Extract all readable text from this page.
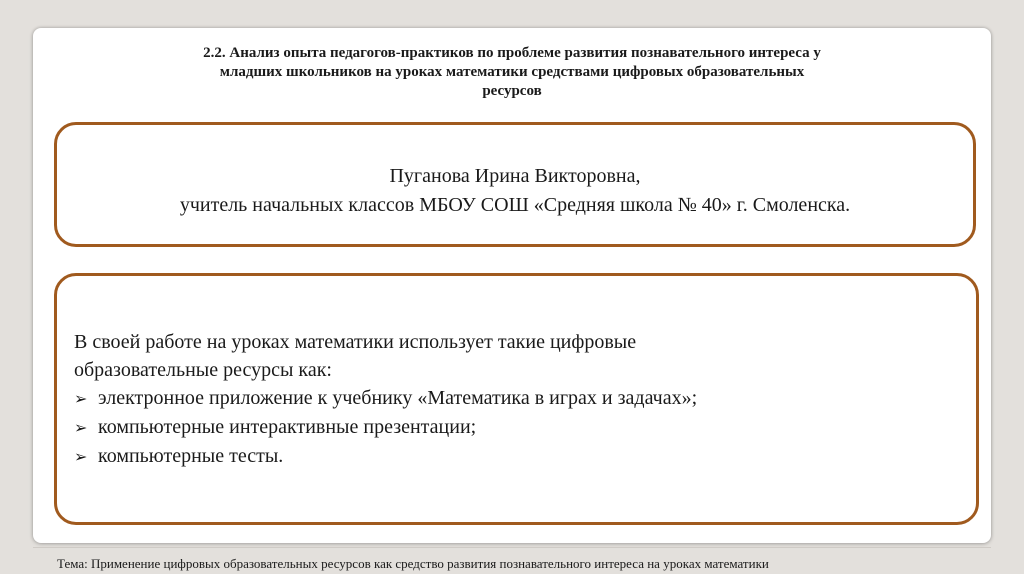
2.2. Анализ опыта педагогов-практиков по проблеме развития познавательного интереса у
младших школьников на уроках математики средствами цифровых образовательных
ресурсов
Пуганова Ирина Викторовна,
учитель начальных классов МБОУ СОШ «Средняя школа № 40» г. Смоленска.
В своей работе на уроках математики использует такие цифровые
образовательные ресурсы как:
➢ электронное приложение к учебнику «Математика в играх и задачах»;
➢ компьютерные интерактивные презентации;
➢ компьютерные тесты.
Тема: Применение цифровых образовательных ресурсов как средство развития познавательного интереса на уроках математики
